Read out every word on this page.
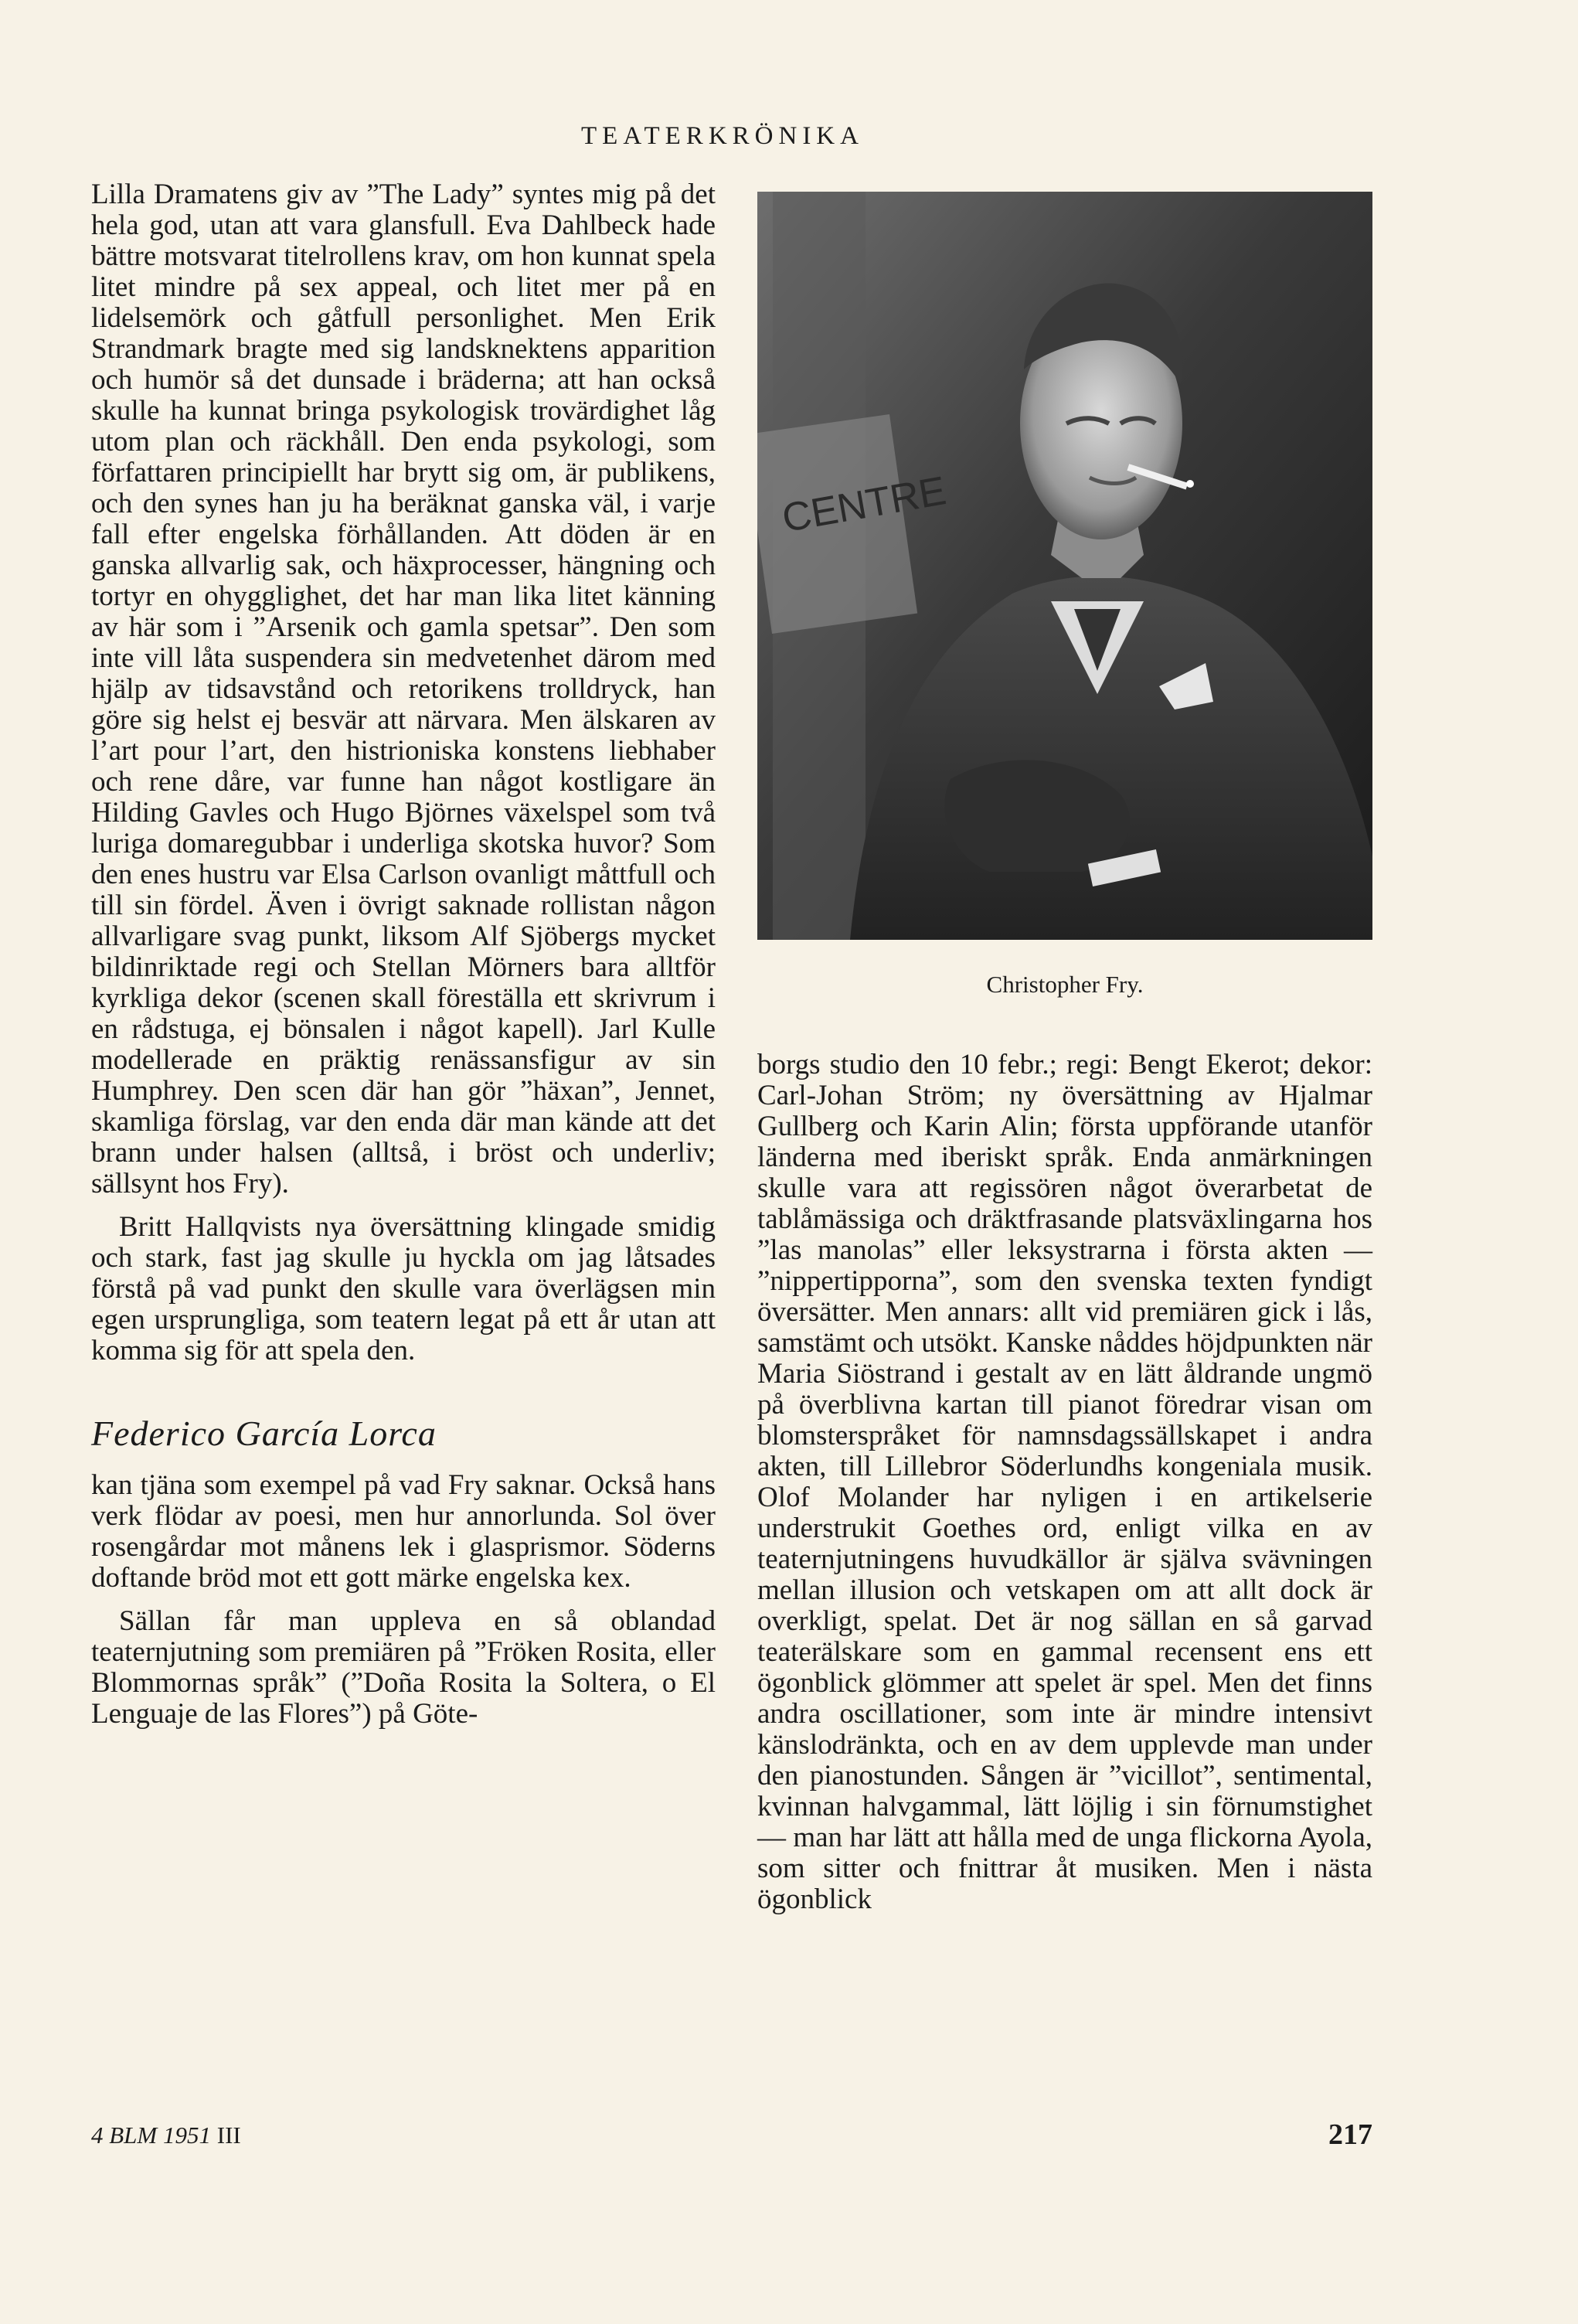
TEATERKRÖNIKA

Lilla Dramatens giv av ”The Lady” syntes mig på det hela god, utan att vara glansfull. Eva Dahlbeck hade bättre motsvarat titelrollens krav, om hon kunnat spela litet mindre på sex appeal, och litet mer på en lidelsemörk och gåtfull personlighet. Men Erik Strandmark bragte med sig landsknektens apparition och humör så det dunsade i bräderna; att han också skulle ha kunnat bringa psykologisk trovärdighet låg utom plan och räckhåll. Den enda psykologi, som författaren principiellt har brytt sig om, är publikens, och den synes han ju ha beräknat ganska väl, i varje fall efter engelska förhållanden. Att döden är en ganska allvarlig sak, och häxprocesser, hängning och tortyr en ohygglighet, det har man lika litet känning av här som i ”Arsenik och gamla spetsar”. Den som inte vill låta suspendera sin medvetenhet därom med hjälp av tidsavstånd och retorikens trolldryck, han göre sig helst ej besvär att närvara. Men älskaren av l’art pour l’art, den histrioniska konstens liebhaber och rene dåre, var funne han något kostligare än Hilding Gavles och Hugo Björnes växelspel som två luriga domaregubbar i underliga skotska huvor? Som den enes hustru var Elsa Carlson ovanligt måttfull och till sin fördel. Även i övrigt saknade rollistan någon allvarligare svag punkt, liksom Alf Sjöbergs mycket bildinriktade regi och Stellan Mörners bara alltför kyrkliga dekor (scenen skall föreställa ett skrivrum i en rådstuga, ej bönsalen i något kapell). Jarl Kulle modellerade en präktig renässansfigur av sin Humphrey. Den scen där han gör ”häxan”, Jennet, skamliga förslag, var den enda där man kände att det brann under halsen (alltså, i bröst och underliv; sällsynt hos Fry).

Britt Hallqvists nya översättning klingade smidig och stark, fast jag skulle ju hyckla om jag låtsades förstå på vad punkt den skulle vara överlägsen min egen ursprungliga, som teatern legat på ett år utan att komma sig för att spela den.

Federico García Lorca

kan tjäna som exempel på vad Fry saknar. Också hans verk flödar av poesi, men hur annorlunda. Sol över rosengårdar mot månens lek i glasprismor. Söderns doftande bröd mot ett gott märke engelska kex.

Sällan får man uppleva en så oblandad teaternjutning som premiären på ”Fröken Rosita, eller Blommornas språk” (”Doña Rosita la Soltera, o El Lenguaje de las Flores”) på Göte-

CENTRE
Christopher Fry.

borgs studio den 10 febr.; regi: Bengt Ekerot; dekor: Carl-Johan Ström; ny översättning av Hjalmar Gullberg och Karin Alin; första uppförande utanför länderna med iberiskt språk. Enda anmärkningen skulle vara att regissören något överarbetat de tablåmässiga och dräktfrasande platsväxlingarna hos ”las manolas” eller leksystrarna i första akten — ”nippertipporna”, som den svenska texten fyndigt översätter. Men annars: allt vid premiären gick i lås, samstämt och utsökt. Kanske nåddes höjdpunkten när Maria Siöstrand i gestalt av en lätt åldrande ungmö på överblivna kartan till pianot föredrar visan om blomsterspråket för namnsdagssällskapet i andra akten, till Lillebror Söderlundhs kongeniala musik. Olof Molander har nyligen i en artikelserie understrukit Goethes ord, enligt vilka en av teaternjutningens huvudkällor är själva svävningen mellan illusion och vetskapen om att allt dock är overkligt, spelat. Det är nog sällan en så garvad teaterälskare som en gammal recensent ens ett ögonblick glömmer att spelet är spel. Men det finns andra oscillationer, som inte är mindre intensivt känslodränkta, och en av dem upplevde man under den pianostunden. Sången är ”vicillot”, sentimental, kvinnan halvgammal, lätt löjlig i sin förnumstighet — man har lätt att hålla med de unga flickorna Ayola, som sitter och fnittrar åt musiken. Men i nästa ögonblick

4 BLM 1951 III	217
